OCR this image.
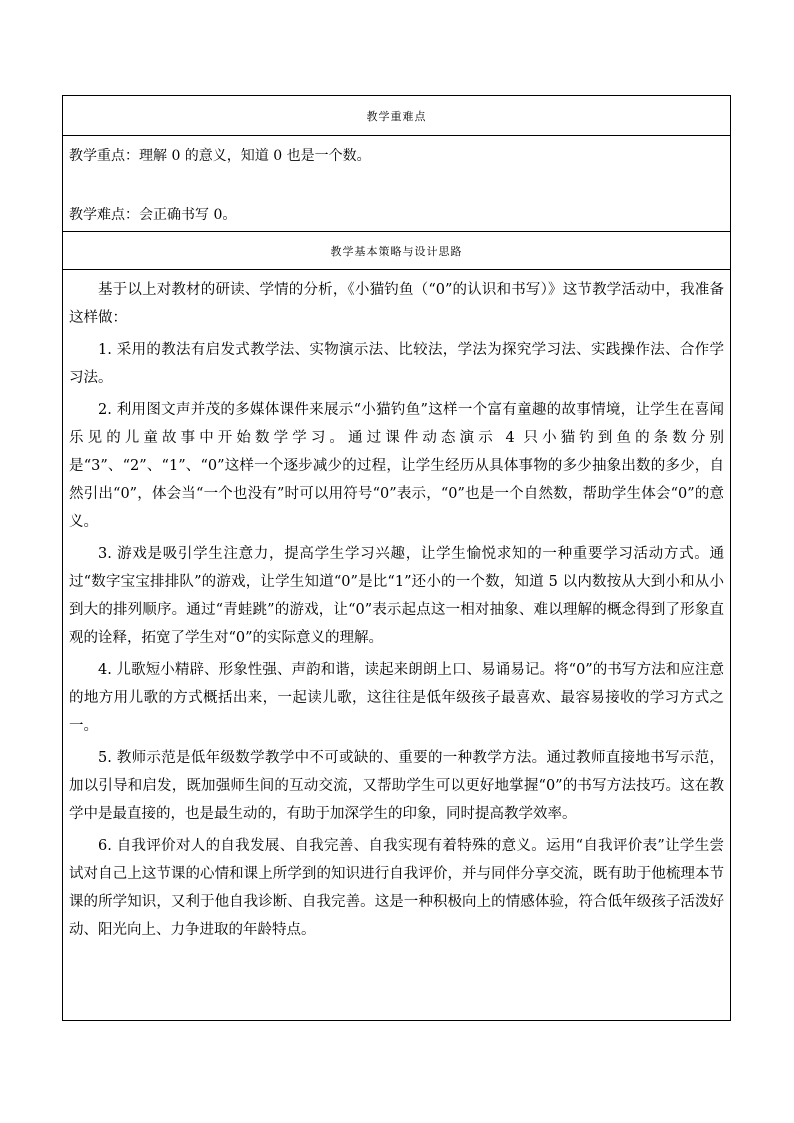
教学重难点
教学重点：理解 0 的意义，知道 0 也是一个数。
教学难点：会正确书写 0。
教学基本策略与设计思路

基于以上对教材的研读、学情的分析，《小猫钓鱼（“0”的认识和书写）》这节教学活动中，我准备这样做：

1. 采用的教法有启发式教学法、实物演示法、比较法，学法为探究学习法、实践操作法、合作学习法。

2. 利用图文声并茂的多媒体课件来展示“小猫钓鱼”这样一个富有童趣的故事情境，让学生在喜闻乐见的儿童故事中开始数学学习。通过课件动态演示 4 只小猫钓到鱼的条数分别是“3”、“2”、“1”、“0”这样一个逐步减少的过程，让学生经历从具体事物的多少抽象出数的多少，自然引出“0”，体会当“一个也没有”时可以用符号“0”表示，“0”也是一个自然数，帮助学生体会“0”的意义。

3. 游戏是吸引学生注意力，提高学生学习兴趣，让学生愉悦求知的一种重要学习活动方式。通过“数字宝宝排排队”的游戏，让学生知道“0”是比“1”还小的一个数，知道 5 以内数按从大到小和从小到大的排列顺序。通过“青蛙跳”的游戏，让“0”表示起点这一相对抽象、难以理解的概念得到了形象直观的诠释，拓宽了学生对“0”的实际意义的理解。

4. 儿歌短小精辟、形象性强、声韵和谐，读起来朗朗上口、易诵易记。将“0”的书写方法和应注意的地方用儿歌的方式概括出来，一起读儿歌，这往往是低年级孩子最喜欢、最容易接收的学习方式之一。

5. 教师示范是低年级数学教学中不可或缺的、重要的一种教学方法。通过教师直接地书写示范，加以引导和启发，既加强师生间的互动交流，又帮助学生可以更好地掌握“0”的书写方法技巧。这在教学中是最直接的，也是最生动的，有助于加深学生的印象，同时提高教学效率。

6. 自我评价对人的自我发展、自我完善、自我实现有着特殊的意义。运用“自我评价表”让学生尝试对自己上这节课的心情和课上所学到的知识进行自我评价，并与同伴分享交流，既有助于他梳理本节课的所学知识，又利于他自我诊断、自我完善。这是一种积极向上的情感体验，符合低年级孩子活泼好动、阳光向上、力争进取的年龄特点。
